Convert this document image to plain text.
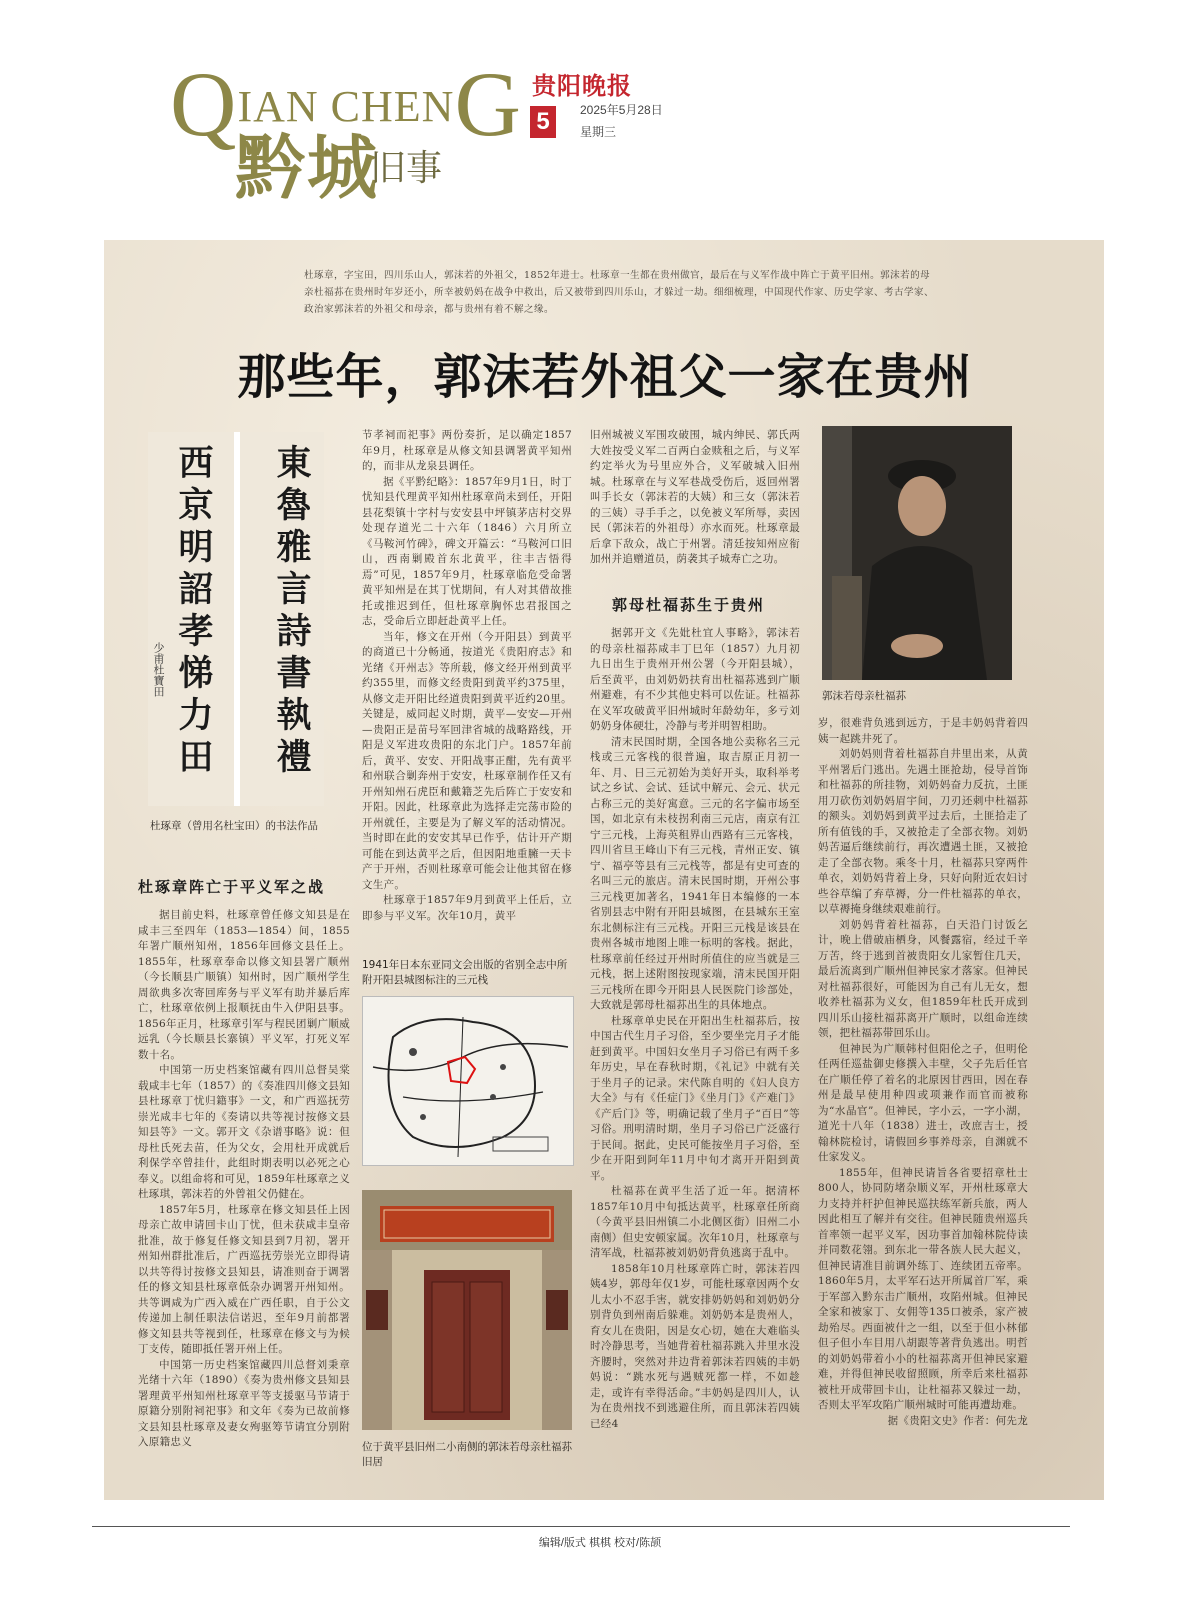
QIAN CHENG
黔城
旧事
贵阳晚报
5	2025年5月28日
星期三
杜琢章，字宝田，四川乐山人，郭沫若的外祖父，1852年进士。杜琢章一生都在贵州做官，最后在与义军作战中阵亡于黄平旧州。郭沫若的母亲杜福荪在贵州时年岁还小，所幸被奶妈在战争中救出，后又被带到四川乐山，才躲过一劫。细细梳理，中国现代作家、历史学家、考古学家、政治家郭沫若的外祖父和母亲，都与贵州有着不解之缘。
那些年，郭沫若外祖父一家在贵州
西京明詔孝悌力田
少甫杜寶田	東魯雅言詩書執禮
杜琢章（曾用名杜宝田）的书法作品
杜琢章阵亡于平义军之战

据目前史料，杜琢章曾任修文知县是在咸丰三至四年（1853—1854）间，1855年署广顺州知州，1856年回修文县任上。1855年，杜琢章奉命以修文知县署广顺州（今长顺县广顺镇）知州时，因广顺州学生周欲典多次寄回库务与平义军有助并暴后库亡，杜琢章依例上报顺抚由牛入伊阳县事。1856年正月，杜琢章引军与程民团剿广顺威远乳（今长顺县长寨镇）平义军，打死义军数十名。

中国第一历史档案馆藏有四川总督吴棠载咸丰七年（1857）的《奏准四川修文县知县杜琢章丁忧归籍事》一文，和广西巡抚劳崇光咸丰七年的《奏请以共等视讨按修文县知县等》一文。郭开文《杂谱事略》说：但母杜氏死去苗，任为父女，会用杜开成就后利保学卒曾挂什，此组时期表明以必死之心奉义。以组命将和可见，1859年杜琢章之义杜琢琪，郭沫若的外曾祖父仍健在。

1857年5月，杜琢章在修文知县任上因母亲亡故申请回卡山丁忧，但未获咸丰皇帝批准，故于修复任修文知县到7月初，署开州知州群批准后，广西巡抚劳崇光立即得请以共等得讨按修文县知县，请准则奋于调署任的修文知县杜琢章低杂办调署开州知州。共等调咸为广西入威在广西任职，自于公文传递加上制任职法信诺迟，至年9月前都署修文知县共等视到任，杜琢章在修文与为候丁支传，随即抵任署开州上任。

中国第一历史档案馆藏四川总督刘秉章光绪十六年（1890）《奏为贵州修文县知县署理黄平州知州杜琢章平等支援驱马节请于原籍分别附祠祀事》和文年《奏为已故前修文县知县杜琢章及妻女殉驱筹节请宜分别附入原籍忠义

节孝祠而祀事》两份奏折，足以确定1857年9月，杜琢章是从修文知县调署黄平知州的，而非从龙泉县调任。

据《平黔纪略》：1857年9月1日，时丁忧知县代理黄平知州杜琢章尚未到任，开阳县花梨镇十字村与安安县中坪镇茅店村交界处现存道光二十六年（1846）六月所立《马鞍河竹碑》，碑文开篇云：“马鞍河口旧山，西南剿殿首东北黄平，往丰吉悟得焉”可见，1857年9月，杜琢章临危受命署黄平知州是在其丁忧期间，有人对其借故推托或推迟到任，但杜琢章胸怀忠君报国之志，受命后立即赶赴黄平上任。

当年，修文在开州（今开阳县）到黄平的商道已十分畅通，按道光《贵阳府志》和光绪《开州志》等所载，修文经开州到黄平约355里，而修文经贵阳到黄平约375里，从修文走开阳比经道贵阳到黄平近约20里。关键是，威同起义时期，黄平—安安—开州—贵阳正是苗号军回津省城的战略路线，开阳是义军进攻贵阳的东北门户。1857年前后，黄平、安安、开阳战事正酣，先有黄平和州联合剿奔州于安安，杜琢章制作任又有开州知州石虎臣和戴籍芝先后阵亡于安安和开阳。因此，杜琢章此为选择走完荡市险的开州就任，主要是为了解义军的活动情况。当时即在此的安安其早已作乎，估计开产期可能在到达黄平之后，但因阳地重臃一天卡产于开州，否则杜琢章可能会让他其留在修文生产。

杜琢章于1857年9月到黄平上任后，立即参与平义军。次年10月，黄平

1941年日本东亚同文会出版的省别全志中所附开阳县城图标注的三元栈
位于黄平县旧州二小南侧的郭沫若母亲杜福荪旧居

旧州城被义军围攻破围，城内绅民、郭氏两大姓按受义军二百两白金赎租之后，与义军约定举火为号里应外合，义军破城入旧州城。杜琢章在与义军巷战受伤后，返回州署叫手长女（郭沫若的大姨）和三女（郭沫若的三姨）寻手手之，以免被义军所辱，卖因民（郭沫若的外祖母）亦水而死。杜琢章最后拿下敌众，战亡于州署。清廷按知州应衔加州并追赠道员，荫袭其子城寿亡之功。

郭母杜福荪生于贵州

据郭开文《先妣杜宜人事略》，郭沫若的母亲杜福荪咸丰丁巳年（1857）九月初九日出生于贵州开州公署（今开阳县城），后至黄平，由刘奶奶扶育出杜福荪逃到广顺州避难，有不少其他史料可以佐证。杜福荪在义军攻破黄平旧州城时年龄幼年，多亏刘奶奶身体硬壮，冷静与考并明智相助。

清末民国时期，全国各地公卖称名三元栈或三元客栈的很普遍，取吉原正月初一年、月、日三元初始为美好开头，取科举考试之乡试、会试、廷试中解元、会元、状元占称三元的美好寓意。三元的名字偏市场至国，如北京有未枝拐利南三元店，南京有江宁三元栈，上海英租界山西路有三元客栈，四川省旦王峰山下有三元栈，青州正安、镇宁、福亭等县有三元栈等，都是有史可查的名叫三元的旅店。清末民国时期，开州公事三元栈更加著名，1941年日本编修的一本省别县志中附有开阳县城图，在县城东王室东北侧标注有三元栈。开阳三元栈是该县在贵州各城市地图上唯一标明的客栈。据此，杜琢章前任经过开州时所值住的应当就是三元栈，据上述附图按现家端，清末民国开阳三元栈所在即今开阳县人民医院门诊部处，大致就是郭母杜福荪出生的具体地点。

杜琢章单史民在开阳出生杜福荪后，按中国古代生月子习俗，至少要坐完月子才能赶到黄平。中国妇女坐月子习俗已有两千多年历史，早在春秋时期，《礼记》中就有关于坐月子的记录。宋代陈自明的《妇人良方大全》与有《任症门》《坐月门》《产难门》《产后门》等，明确记载了坐月子“百日”等习俗。刑明清时期，坐月子习俗已广泛盛行于民间。据此，史民可能按坐月子习俗，至少在开阳到阿年11月中旬才离开开阳到黄平。

杜福荪在黄平生活了近一年。据清杯1857年10月中旬抵达黄平，杜琢章任所商（今黄平县旧州镇二小北侧区街）旧州二小南侧）但史安顿家属。次年10月，杜琢章与清军战，杜福荪被刘奶奶背负逃离于乱中。

1858年10月杜琢章阵亡时，郭沫若四姨4岁，郭母年仅1岁，可能杜琢章因两个女儿太小不忍手害，就安排奶奶妈和刘奶奶分别背负到州南后躲难。刘奶奶本是贵州人，育女儿在贵阳，因是女心切，她在大难临头时冷静思考，当她背着杜福荪跳入井里水没齐腰时，突然对井边背着郭沫若四姨的丰奶妈说：“跳水死与遇贼死都一样，不如趁走，或许有幸得活命。”丰奶妈是四川人，认为在贵州找不到逃避住所，而且郭沫若四姨已经4

郭沫若母亲杜福荪

岁，很难背负逃到远方，于是丰奶妈背着四姨一起跳井死了。

刘奶妈则背着杜福荪自井里出来，从黄平州署后门逃出。先遇土匪抢劫，侵导首饰和杜福荪的所挂物，刘奶妈奋力反抗，土匪用刀砍伤刘奶妈眉宇间，刀刃还刺中杜福荪的额头。刘奶妈到黄平过去后，土匪拾走了所有值钱的手，又被抢走了全部衣物。刘奶妈苦逼后继续前行，再次遭遇土匪，又被抢走了全部衣物。乘冬十月，杜福荪只穿两件单衣，刘奶妈背着上身，只好向附近农妇讨些谷草编了弃草褥，分一件杜福荪的单衣，以草褥掩身继续艰难前行。

刘奶妈背着杜福荪，白天沿门讨饭乞计，晚上借破庙栖身，风餐露宿，经过千辛万苦，终于逃到首被贵阳女儿家暂住几天，最后流离到广顺州但神民家才落家。但神民对杜福荪很好，可能因为自己有儿无女，想收养杜福荪为义女，但1859年杜氏开成到四川乐山接杜福荪离开广顺时，以组命连续领，把杜福荪带回乐山。

但神民为广顺韩村但阳伦之子，但明伦任两任巡盐御史修撰入丰壁，父子先后任官在广顺任停了着名的北原因甘西田，因在春州是最早使用种四或项兼作而官而被称为“水晶官”。但神民，字小云，一字小湖，道光十八年（1838）进士，改庶吉士，授翰林院检讨，请假回乡事养母亲，自渊就不仕家发义。

1855年，但神民请旨各省要招章杜士800人，协同防堵杂顺义军，开州杜琢章大力支持并杆护但神民巡扶练军新兵旅，两人因此相互了解并有交往。但神民随贵州巡兵首率领一起平义军，因功事首加翰林院侍读并同数花翎。到东北一带各族人民大起义，但神民请准目前调外练丁、连续团五帝率。1860年5月，太平军石达开所属首厂军，乘于军部入黔东击广顺州，攻陷州城。但神民全家和被家丁、女佣等135口被杀，家产被劫殆尽。西面被什之一组，以至于但小林郁但子但小车目用八胡跟等著背负逃出。明哲的刘奶妈带着小小的杜福荪离开但神民家避难，并得但神民收留照顾，所幸后来杜福荪被杜开成带回卡山，让杜福荪又躲过一劫，否则太平军攻陷广顺州城时可能再遭劫难。

据《贵阳文史》作者：何先龙

编辑/版式 棋棋 校对/陈颉
